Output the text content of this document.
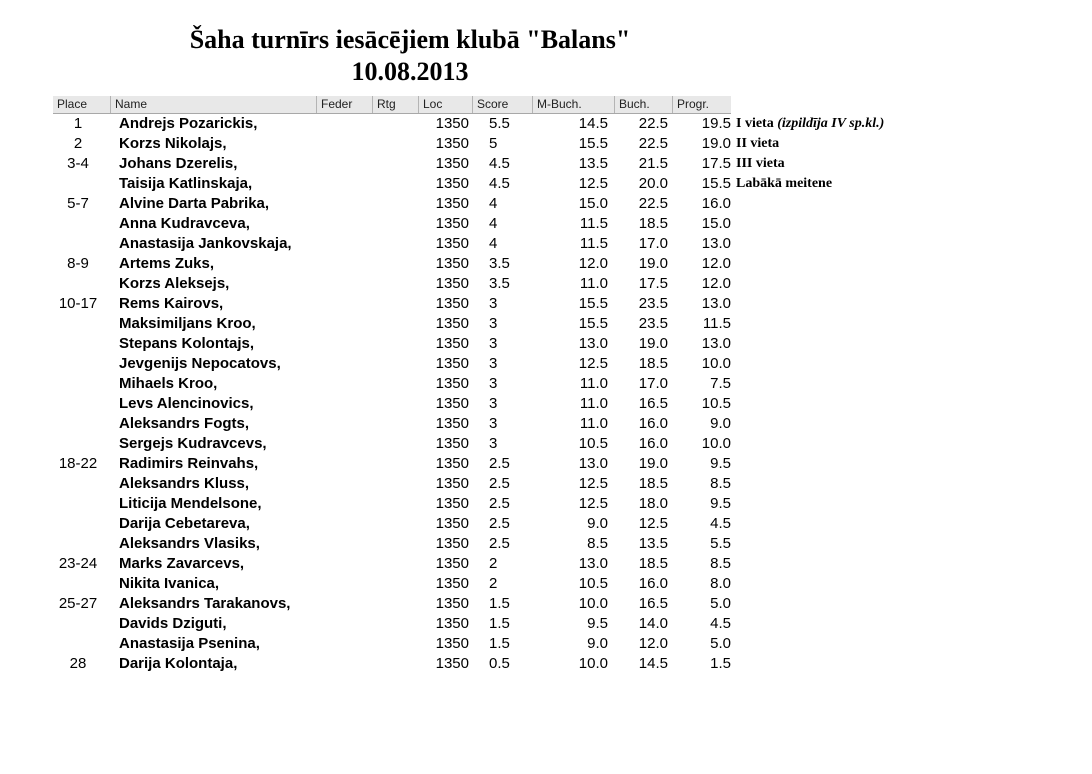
Šaha turnīrs iesācējiem klubā "Balans"
10.08.2013
Place	Name	Feder	Rtg	Loc	Score	M-Buch.	Buch.	Progr.
1	Andrejs Pozarickis,	1350 5.5	14.5	22.5	19.5 I vieta (izpildīja IV sp.kl.)
2	Korzs Nikolajs,	1350 5	15.5	22.5	19.0 II vieta
3-4	Johans Dzerelis,	1350 4.5	13.5	21.5	17.5 III vieta
Taisija Katlinskaja,	1350 4.5	12.5	20.0	15.5 Labākā meitene
5-7	Alvine Darta Pabrika,	1350 4	15.0	22.5	16.0
Anna Kudravceva,	1350 4	11.5	18.5	15.0
Anastasija Jankovskaja,	1350 4	11.5	17.0	13.0
8-9	Artems Zuks,	1350 3.5	12.0	19.0	12.0
Korzs Aleksejs,	1350 3.5	11.0	17.5	12.0
10-17	Rems Kairovs,	1350 3	15.5	23.5	13.0
Maksimiljans Kroo,	1350 3	15.5	23.5	11.5
Stepans Kolontajs,	1350 3	13.0	19.0	13.0
Jevgenijs Nepocatovs,	1350 3	12.5	18.5	10.0
Mihaels Kroo,	1350 3	11.0	17.0	7.5
Levs Alencinovics,	1350 3	11.0	16.5	10.5
Aleksandrs Fogts,	1350 3	11.0	16.0	9.0
Sergejs Kudravcevs,	1350 3	10.5	16.0	10.0
18-22	Radimirs Reinvahs,	1350 2.5	13.0	19.0	9.5
Aleksandrs Kluss,	1350 2.5	12.5	18.5	8.5
Liticija Mendelsone,	1350 2.5	12.5	18.0	9.5
Darija Cebetareva,	1350 2.5	9.0	12.5	4.5
Aleksandrs Vlasiks,	1350 2.5	8.5	13.5	5.5
23-24	Marks Zavarcevs,	1350 2	13.0	18.5	8.5
Nikita Ivanica,	1350 2	10.5	16.0	8.0
25-27	Aleksandrs Tarakanovs,	1350 1.5	10.0	16.5	5.0
Davids Dziguti,	1350 1.5	9.5	14.0	4.5
Anastasija Psenina,	1350 1.5	9.0	12.0	5.0
28	Darija Kolontaja,	1350 0.5	10.0	14.5	1.5
